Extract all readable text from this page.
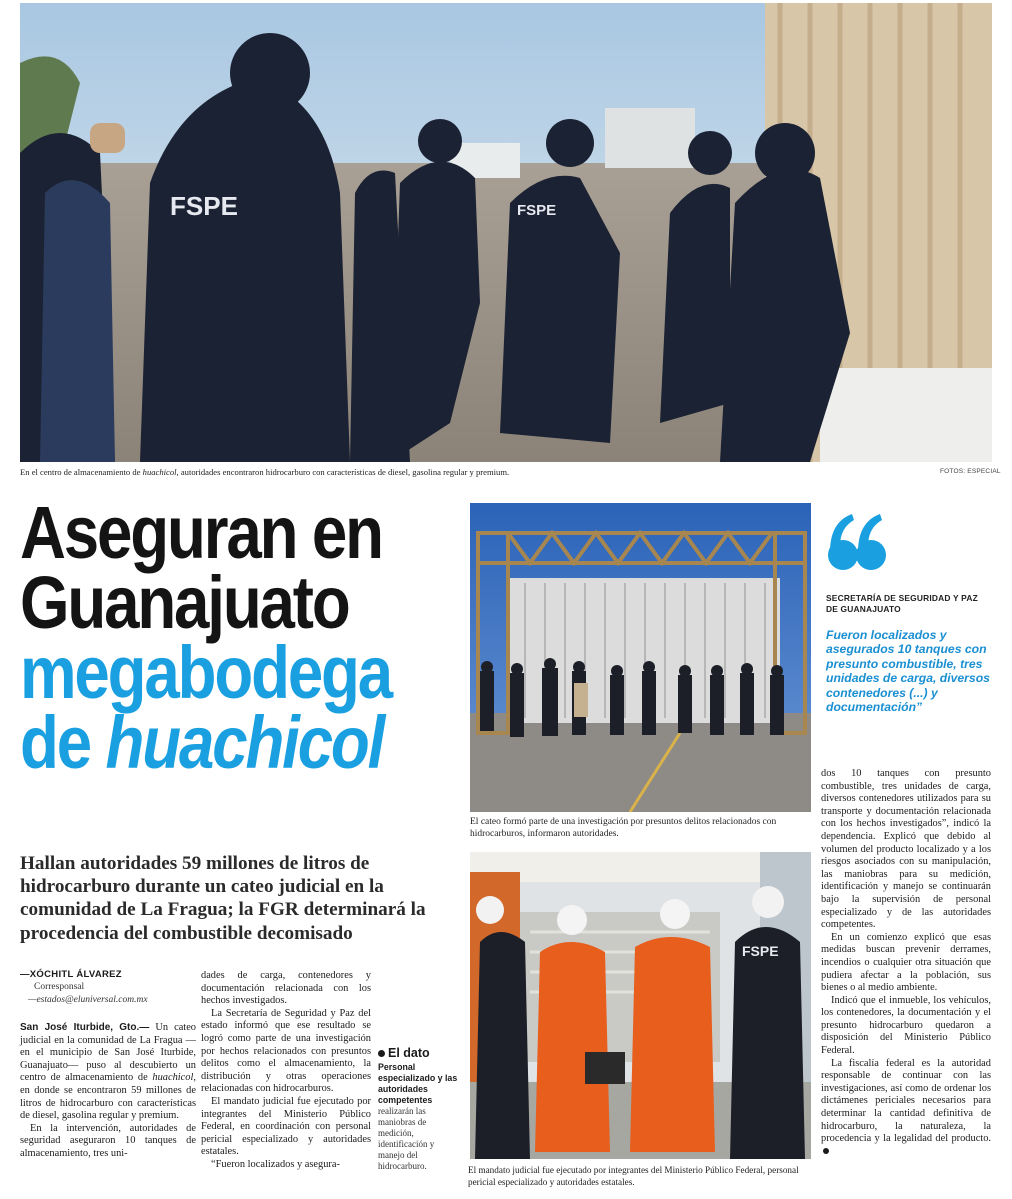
FSPE	FSPE
En el centro de almacenamiento de huachicol, autoridades encontraron hidrocarburo con características de diesel, gasolina regular y premium.	FOTOS: ESPECIAL
Aseguran en
Guanajuato
megabodega
de huachicol
Hallan autoridades 59 millones de litros de hidrocarburo durante un cateo judicial en la comunidad de La Fragua; la FGR determinará la procedencia del combustible decomisado
—XÓCHITL ÁLVAREZ
Corresponsal
—estados@eluniversal.com.mx

San José Iturbide, Gto.— Un cateo judicial en la comunidad de La Fragua —en el municipio de San José Iturbide, Guanajuato— puso al descubierto un centro de almacenamiento de huachicol, en donde se encontraron 59 millones de litros de hidrocarburo con características de diesel, gasolina regular y premium.

En la intervención, autoridades de seguridad aseguraron 10 tanques de almacenamiento, tres uni-

dades de carga, contenedores y documentación relacionada con los hechos investigados.

La Secretaría de Seguridad y Paz del estado informó que ese resultado se logró como parte de una investigación por hechos relacionados con presuntos delitos como el almacenamiento, la distribución y otras operaciones relacionadas con hidrocarburos.

El mandato judicial fue ejecutado por integrantes del Ministerio Público Federal, en coordinación con personal pericial especializado y autoridades estatales.

“Fueron localizados y asegura-

El dato
Personal especializado y las autoridades competentes
realizarán las maniobras de medición, identificación y manejo del hidrocarburo.
El cateo formó parte de una investigación por presuntos delitos relacionados con hidrocarburos, informaron autoridades.
FSPE
El mandato judicial fue ejecutado por integrantes del Ministerio Público Federal, personal pericial especializado y autoridades estatales.
SECRETARÍA DE SEGURIDAD Y PAZ DE GUANAJUATO
Fueron localizados y asegurados 10 tanques con presunto combustible, tres unidades de carga, diversos contenedores (...) y documentación”

dos 10 tanques con presunto combustible, tres unidades de carga, diversos contenedores utilizados para su transporte y documentación relacionada con los hechos investigados”, indicó la dependencia. Explicó que debido al volumen del producto localizado y a los riesgos asociados con su manipulación, las maniobras para su medición, identificación y manejo se continuarán bajo la supervisión de personal especializado y de las autoridades competentes.

En un comienzo explicó que esas medidas buscan prevenir derrames, incendios o cualquier otra situación que pudiera afectar a la población, sus bienes o al medio ambiente.

Indicó que el inmueble, los vehículos, los contenedores, la documentación y el presunto hidrocarburo quedaron a disposición del Ministerio Público Federal.

La fiscalía federal es la autoridad responsable de continuar con las investigaciones, así como de ordenar los dictámenes periciales necesarios para determinar la cantidad definitiva de hidrocarburo, la naturaleza, la procedencia y la legalidad del producto.
